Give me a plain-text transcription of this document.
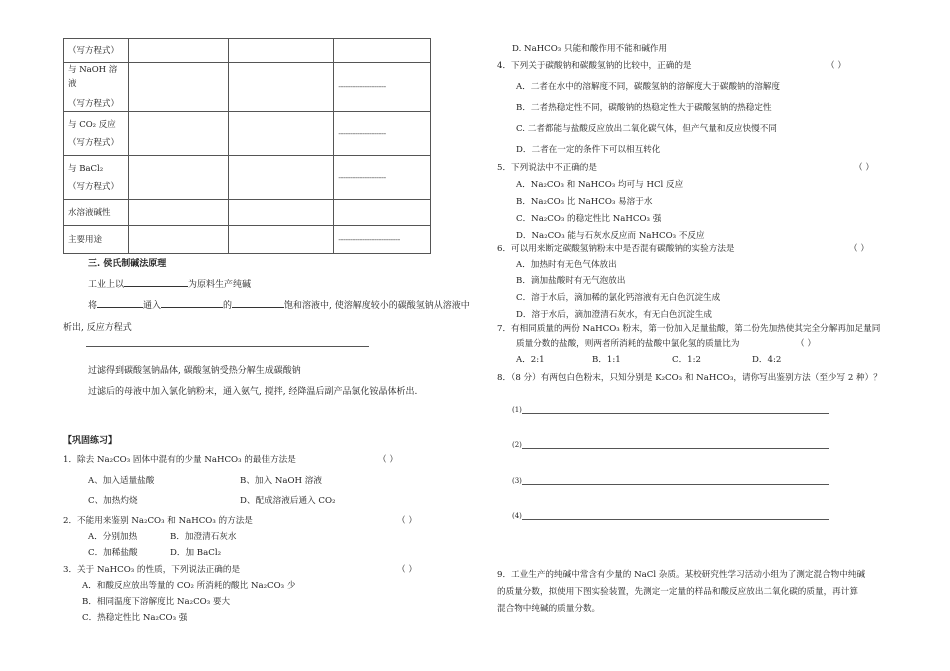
（写方程式）			

与 NaOH 溶 液
（写方程式）			--------------------

与 CO₂ 反应
（写方程式）			--------------------

与 BaCl₂
（写方程式）			--------------------
水溶液碱性			
主要用途			--------------------------
三. 侯氏制碱法原理
工业上以	为原料生产纯碱
将	通入	的	饱和溶液中, 使溶解度较小的碳酸氢钠从溶液中
析出, 反应方程式
过滤得到碳酸氢钠晶体, 碳酸氢钠受热分解生成碳酸钠
过滤后的母液中加入氯化钠粉末，通入氨气, 搅拌, 经降温后副产品氯化铵晶体析出.
【巩固练习】
1．除去 Na₂CO₃ 固体中混有的少量 NaHCO₃ 的最佳方法是	（ ）
A、加入适量盐酸	B、加入 NaOH 溶液
C、加热灼烧	D、配成溶液后通入 CO₂
2．不能用来鉴别 Na₂CO₃ 和 NaHCO₃ 的方法是	（ ）
A．分别加热	B．加澄清石灰水
C．加稀盐酸	D．加 BaCl₂
3．关于 NaHCO₃ 的性质，下列说法正确的是	（ ）
A．和酸反应放出等量的 CO₂ 所消耗的酸比 Na₂CO₃ 少
B．相同温度下溶解度比 Na₂CO₃ 要大
C．热稳定性比 Na₂CO₃ 强
D. NaHCO₃ 只能和酸作用不能和碱作用
4．下列关于碳酸钠和碳酸氢钠的比较中，正确的是	（ ）
A．二者在水中的溶解度不同，碳酸氢钠的溶解度大于碳酸钠的溶解度
B．二者热稳定性不同，碳酸钠的热稳定性大于碳酸氢钠的热稳定性
C. 二者都能与盐酸反应放出二氧化碳气体，但产气量和反应快慢不同
D．二者在一定的条件下可以相互转化
5．下列说法中不正确的是	（ ）
A．Na₂CO₃ 和 NaHCO₃ 均可与 HCl 反应
B．Na₂CO₃ 比 NaHCO₃ 易溶于水
C．Na₂CO₃ 的稳定性比 NaHCO₃ 强
D．Na₂CO₃ 能与石灰水反应而 NaHCO₃ 不反应
6．可以用来断定碳酸氢钠粉末中是否混有碳酸钠的实验方法是	（ ）
A．加热时有无色气体放出
B．滴加盐酸时有无气泡放出
C．溶于水后，滴加稀的氯化钙溶液有无白色沉淀生成
D．溶于水后，滴加澄清石灰水，有无白色沉淀生成
7．有相同质量的两份 NaHCO₃ 粉末，第一份加入足量盐酸，第二份先加热使其完全分解再加足量同
质量分数的盐酸，则两者所消耗的盐酸中氯化氢的质量比为	（ ）
A．2:1	B．1:1	C．1:2	D．4:2
8．（8 分）有两包白色粉末，只知分别是 K₂CO₃ 和 NaHCO₃，请你写出鉴别方法（至少写 2 种）？
(1)
(2)
(3)
(4)
9．工业生产的纯碱中常含有少量的 NaCl 杂质。某校研究性学习活动小组为了测定混合物中纯碱
的质量分数，拟使用下图实验装置，先测定一定量的样品和酸反应放出二氧化碳的质量，再计算
混合物中纯碱的质量分数。
